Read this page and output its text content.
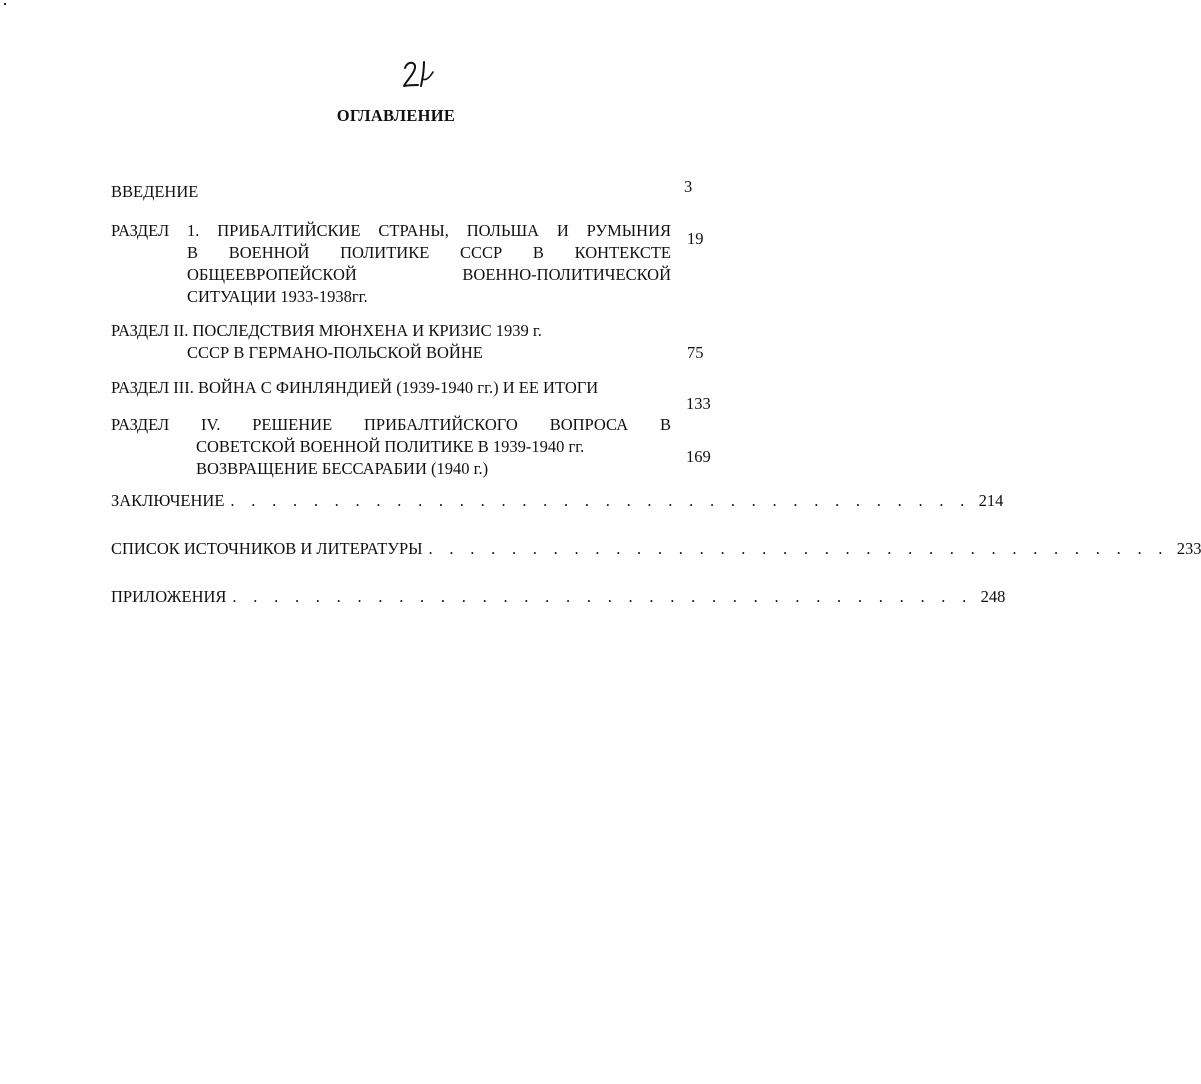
ОГЛАВЛЕНИЕ
ВВЕДЕНИЕ	3
РАЗДЕЛ 1. ПРИБАЛТИЙСКИЕ СТРАНЫ, ПОЛЬША И РУМЫНИЯ
В ВОЕННОЙ ПОЛИТИКЕ СССР В КОНТЕКСТЕ
ОБЩЕЕВРОПЕЙСКОЙ ВОЕННО-ПОЛИТИЧЕСКОЙ
СИТУАЦИИ 1933-1938гг.
19
РАЗДЕЛ II. ПОСЛЕДСТВИЯ МЮНХЕНА И КРИЗИС 1939 г.
СССР В ГЕРМАНО-ПОЛЬСКОЙ ВОЙНЕ	75
РАЗДЕЛ III. ВОЙНА С ФИНЛЯНДИЕЙ (1939-1940 гг.) И ЕЕ ИТОГИ
133
РАЗДЕЛ IV. РЕШЕНИЕ ПРИБАЛТИЙСКОГО ВОПРОСА В
СОВЕТСКОЙ ВОЕННОЙ ПОЛИТИКЕ В 1939-1940 гг.
ВОЗВРАЩЕНИЕ БЕССАРАБИИ (1940 г.)
169
ЗАКЛЮЧЕНИЕ . . . . . . . . . . . . . . . . . . . . . . . . . . . . . . . . . . . . 214
СПИСОК ИСТОЧНИКОВ И ЛИТЕРАТУРЫ . . . . . . . . . . . . . . . . . . . . . . . . . . . . . . . . . . . . 233
ПРИЛОЖЕНИЯ . . . . . . . . . . . . . . . . . . . . . . . . . . . . . . . . . . . . 248
